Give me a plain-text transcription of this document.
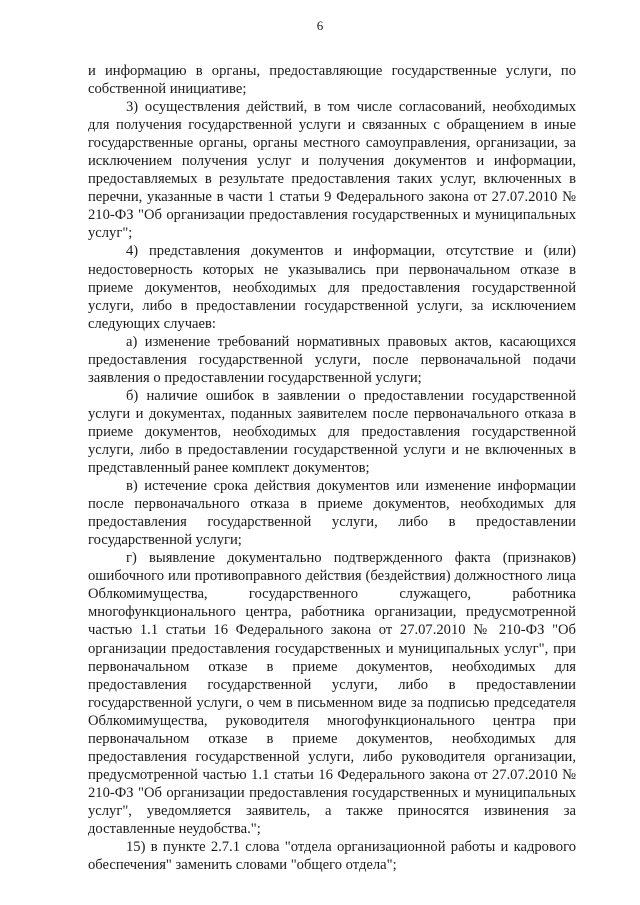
6

и информацию в органы, предоставляющие государственные услуги, по собственной инициативе;

3) осуществления действий, в том числе согласований, необходимых для получения государственной услуги и связанных с обращением в иные государственные органы, органы местного самоуправления, организации, за исключением получения услуг и получения документов и информации, предоставляемых в результате предоставления таких услуг, включенных в перечни, указанные в части 1 статьи 9 Федерального закона от 27.07.2010 № 210-ФЗ "Об организации предоставления государственных и муниципальных услуг";

4) представления документов и информации, отсутствие и (или) недостоверность которых не указывались при первоначальном отказе в приеме документов, необходимых для предоставления государственной услуги, либо в предоставлении государственной услуги, за исключением следующих случаев:

а) изменение требований нормативных правовых актов, касающихся предоставления государственной услуги, после первоначальной подачи заявления о предоставлении государственной услуги;

б) наличие ошибок в заявлении о предоставлении государственной услуги и документах, поданных заявителем после первоначального отказа в приеме документов, необходимых для предоставления государственной услуги, либо в предоставлении государственной услуги и не включенных в представленный ранее комплект документов;

в) истечение срока действия документов или изменение информации после первоначального отказа в приеме документов, необходимых для предоставления государственной услуги, либо в предоставлении государственной услуги;

г) выявление документально подтвержденного факта (признаков) ошибочного или противоправного действия (бездействия) должностного лица Облкомимущества, государственного служащего, работника многофункционального центра, работника организации, предусмотренной частью 1.1 статьи 16 Федерального закона от 27.07.2010 № 210-ФЗ "Об организации предоставления государственных и муниципальных услуг", при первоначальном отказе в приеме документов, необходимых для предоставления государственной услуги, либо в предоставлении государственной услуги, о чем в письменном виде за подписью председателя Облкомимущества, руководителя многофункционального центра при первоначальном отказе в приеме документов, необходимых для предоставления государственной услуги, либо руководителя организации, предусмотренной частью 1.1 статьи 16 Федерального закона от 27.07.2010 № 210-ФЗ "Об организации предоставления государственных и муниципальных услуг", уведомляется заявитель, а также приносятся извинения за доставленные неудобства.";

15) в пункте 2.7.1 слова "отдела организационной работы и кадрового обеспечения" заменить словами "общего отдела";
